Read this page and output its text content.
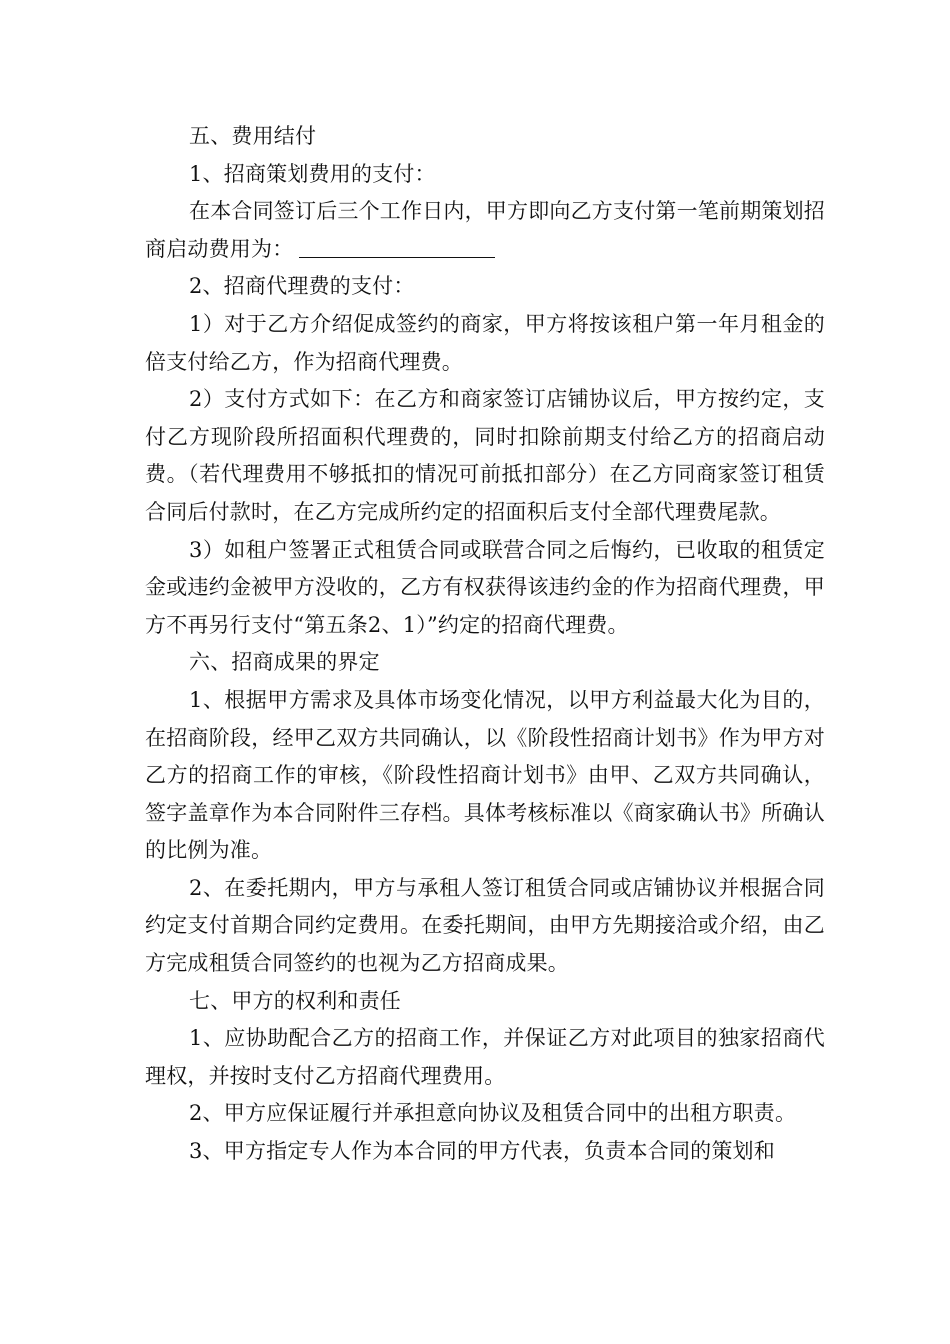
五、费用结付

1、招商策划费用的支付：

在本合同签订后三个工作日内，甲方即向乙方支付第一笔前期策划招商启动费用为：

2、招商代理费的支付：

1）对于乙方介绍促成签约的商家，甲方将按该租户第一年月租金的倍支付给乙方，作为招商代理费。

2）支付方式如下：在乙方和商家签订店铺协议后，甲方按约定，支付乙方现阶段所招面积代理费的，同时扣除前期支付给乙方的招商启动费。（若代理费用不够抵扣的情况可前抵扣部分）在乙方同商家签订租赁合同后付款时，在乙方完成所约定的招面积后支付全部代理费尾款。

3）如租户签署正式租赁合同或联营合同之后悔约，已收取的租赁定金或违约金被甲方没收的，乙方有权获得该违约金的作为招商代理费，甲方不再另行支付“第五条2、1）”约定的招商代理费。

六、招商成果的界定

1、根据甲方需求及具体市场变化情况，以甲方利益最大化为目的，在招商阶段，经甲乙双方共同确认，以《阶段性招商计划书》作为甲方对乙方的招商工作的审核，《阶段性招商计划书》由甲、乙双方共同确认，签字盖章作为本合同附件三存档。具体考核标准以《商家确认书》所确认的比例为准。

2、在委托期内，甲方与承租人签订租赁合同或店铺协议并根据合同约定支付首期合同约定费用。在委托期间，由甲方先期接洽或介绍，由乙方完成租赁合同签约的也视为乙方招商成果。

七、甲方的权利和责任

1、应协助配合乙方的招商工作，并保证乙方对此项目的独家招商代理权，并按时支付乙方招商代理费用。

2、甲方应保证履行并承担意向协议及租赁合同中的出租方职责。

3、甲方指定专人作为本合同的甲方代表，负责本合同的策划和
